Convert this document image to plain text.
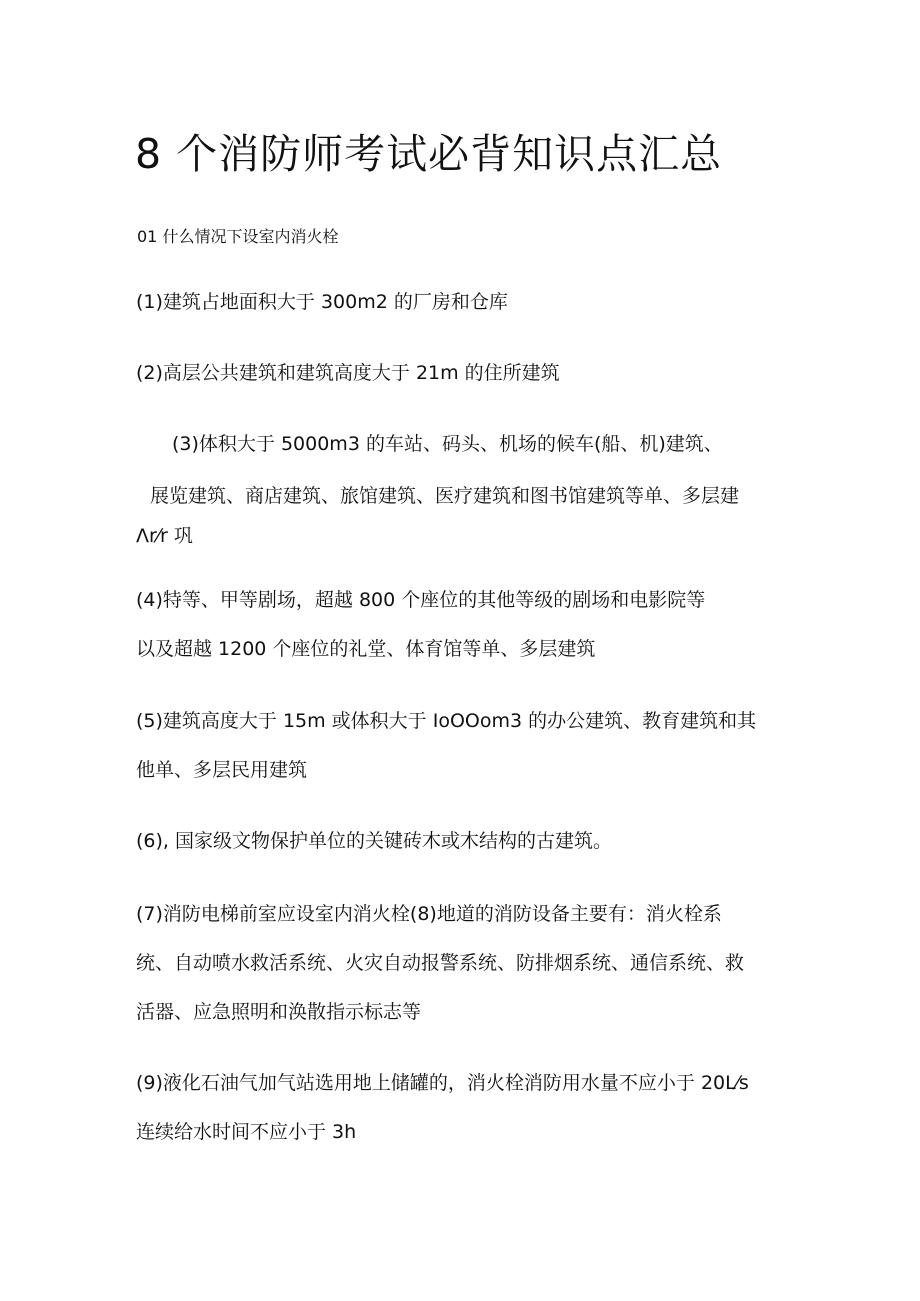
8 个消防师考试必背知识点汇总

01 什么情况下设室内消火栓

(1)建筑占地面积大于 300m2 的厂房和仓库

(2)高层公共建筑和建筑高度大于 21m 的住所建筑

(3)体积大于 5000m3 的车站、码头、机场的候车(船、机)建筑、

展览建筑、商店建筑、旅馆建筑、医疗建筑和图书馆建筑等单、多层建

Λr⁄r 巩

(4)特等、甲等剧场，超越 800 个座位的其他等级的剧场和电影院等

以及超越 1200 个座位的礼堂、体育馆等单、多层建筑

(5)建筑高度大于 15m 或体积大于 IoOOom3 的办公建筑、教育建筑和其

他单、多层民用建筑

(6), 国家级文物保护单位的关键砖木或木结构的古建筑。

(7)消防电梯前室应设室内消火栓(8)地道的消防设备主要有：消火栓系

统、自动喷水救活系统、火灾自动报警系统、防排烟系统、通信系统、救

活器、应急照明和涣散指示标志等

(9)液化石油气加气站选用地上储罐的，消火栓消防用水量不应小于 20L⁄s

连续给水时间不应小于 3h
